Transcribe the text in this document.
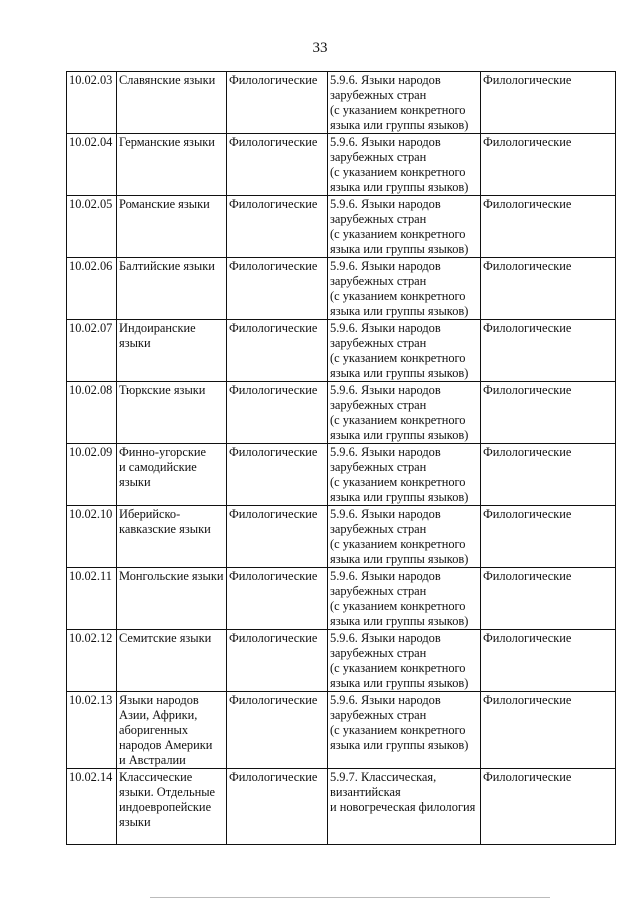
33
10.02.03	Славянские языки	Филологические	5.9.6. Языки народов
зарубежных стран
(с указанием конкретного
языка или группы языков)	Филологические
10.02.04	Германские языки	Филологические	5.9.6. Языки народов
зарубежных стран
(с указанием конкретного
языка или группы языков)	Филологические
10.02.05	Романские языки	Филологические	5.9.6. Языки народов
зарубежных стран
(с указанием конкретного
языка или группы языков)	Филологические
10.02.06	Балтийские языки	Филологические	5.9.6. Языки народов
зарубежных стран
(с указанием конкретного
языка или группы языков)	Филологические
10.02.07	Индоиранские
языки	Филологические	5.9.6. Языки народов
зарубежных стран
(с указанием конкретного
языка или группы языков)	Филологические
10.02.08	Тюркские языки	Филологические	5.9.6. Языки народов
зарубежных стран
(с указанием конкретного
языка или группы языков)	Филологические
10.02.09	Финно-угорские
и самодийские
языки	Филологические	5.9.6. Языки народов
зарубежных стран
(с указанием конкретного
языка или группы языков)	Филологические
10.02.10	Иберийско-
кавказские языки	Филологические	5.9.6. Языки народов
зарубежных стран
(с указанием конкретного
языка или группы языков)	Филологические
10.02.11	Монгольские языки	Филологические	5.9.6. Языки народов
зарубежных стран
(с указанием конкретного
языка или группы языков)	Филологические
10.02.12	Семитские языки	Филологические	5.9.6. Языки народов
зарубежных стран
(с указанием конкретного
языка или группы языков)	Филологические
10.02.13	Языки народов
Азии, Африки,
аборигенных
народов Америки
и Австралии	Филологические	5.9.6. Языки народов
зарубежных стран
(с указанием конкретного
языка или группы языков)	Филологические
10.02.14	Классические
языки. Отдельные
индоевропейские
языки	Филологические	5.9.7. Классическая,
византийская
и новогреческая филология	Филологические
